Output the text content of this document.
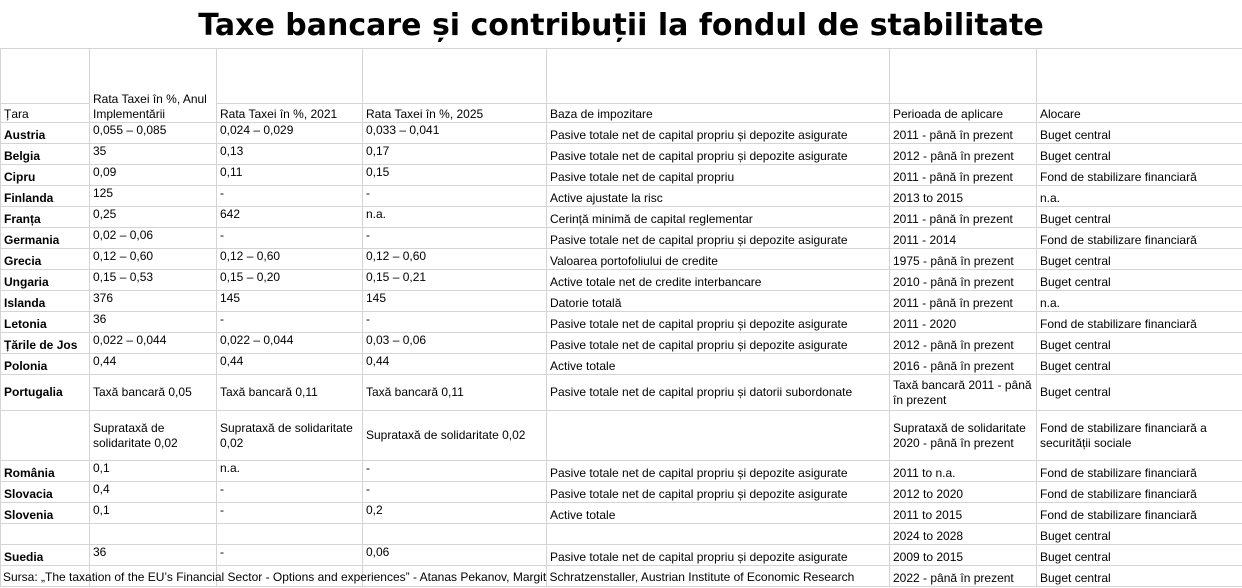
Taxe bancare și contribuții la fondul de stabilitate
	Rata Taxei în %, Anul Implementării					
Țara		Rata Taxei în %, 2021	Rata Taxei în %, 2025	Baza de impozitare	Perioada de aplicare	Alocare
Austria	0,055 – 0,085	0,024 – 0,029	0,033 – 0,041	Pasive totale net de capital propriu și depozite asigurate	2011 - până în prezent	Buget central
Belgia	35	0,13	0,17	Pasive totale net de capital propriu și depozite asigurate	2012 - până în prezent	Buget central
Cipru	0,09	0,11	0,15	Pasive totale net de capital propriu	2011 - până în prezent	Fond de stabilizare financiară
Finlanda	125	-	-	Active ajustate la risc	2013 to 2015	n.a.
Franța	0,25	642	n.a.	Cerință minimă de capital reglementar	2011 - până în prezent	Buget central
Germania	0,02 – 0,06	-	-	Pasive totale net de capital propriu și depozite asigurate	2011 - 2014	Fond de stabilizare financiară
Grecia	0,12 – 0,60	0,12 – 0,60	0,12 – 0,60	Valoarea portofoliului de credite	1975 - până în prezent	Buget central
Ungaria	0,15 – 0,53	0,15 – 0,20	0,15 – 0,21	Active totale net de credite interbancare	2010 - până în prezent	Buget central
Islanda	376	145	145	Datorie totală	2011 - până în prezent	n.a.
Letonia	36	-	-	Pasive totale net de capital propriu și depozite asigurate	2011 - 2020	Fond de stabilizare financiară
Țările de Jos	0,022 – 0,044	0,022 – 0,044	0,03 – 0,06	Pasive totale net de capital propriu și depozite asigurate	2012 - până în prezent	Buget central
Polonia	0,44	0,44	0,44	Active totale	2016 - până în prezent	Buget central
Portugalia	Taxă bancară 0,05	Taxă bancară 0,11	Taxă bancară 0,11	Pasive totale net de capital propriu și datorii subordonate	Taxă bancară 2011 - până în prezent	Buget central
	Suprataxă de solidaritate 0,02	Suprataxă de solidaritate 0,02	Suprataxă de solidaritate 0,02		Suprataxă de solidaritate 2020 - până în prezent	Fond de stabilizare financiară a securității sociale
România	0,1	n.a.	-	Pasive totale net de capital propriu și depozite asigurate	2011 to n.a.	Fond de stabilizare financiară
Slovacia	0,4	-	-	Pasive totale net de capital propriu și depozite asigurate	2012 to 2020	Fond de stabilizare financiară
Slovenia	0,1	-	0,2	Active totale	2011 to 2015	Fond de stabilizare financiară
					2024 to 2028	Buget central
Suedia	36	-	0,06	Pasive totale net de capital propriu și depozite asigurate	2009 to 2015	Buget central
					2022 - până în prezent	Buget central
Sursa: „The taxation of the EU’s Financial Sector - Options and experiences” - Atanas Pekanov, Margit Schratzenstaller, Austrian Institute of Economic Research
